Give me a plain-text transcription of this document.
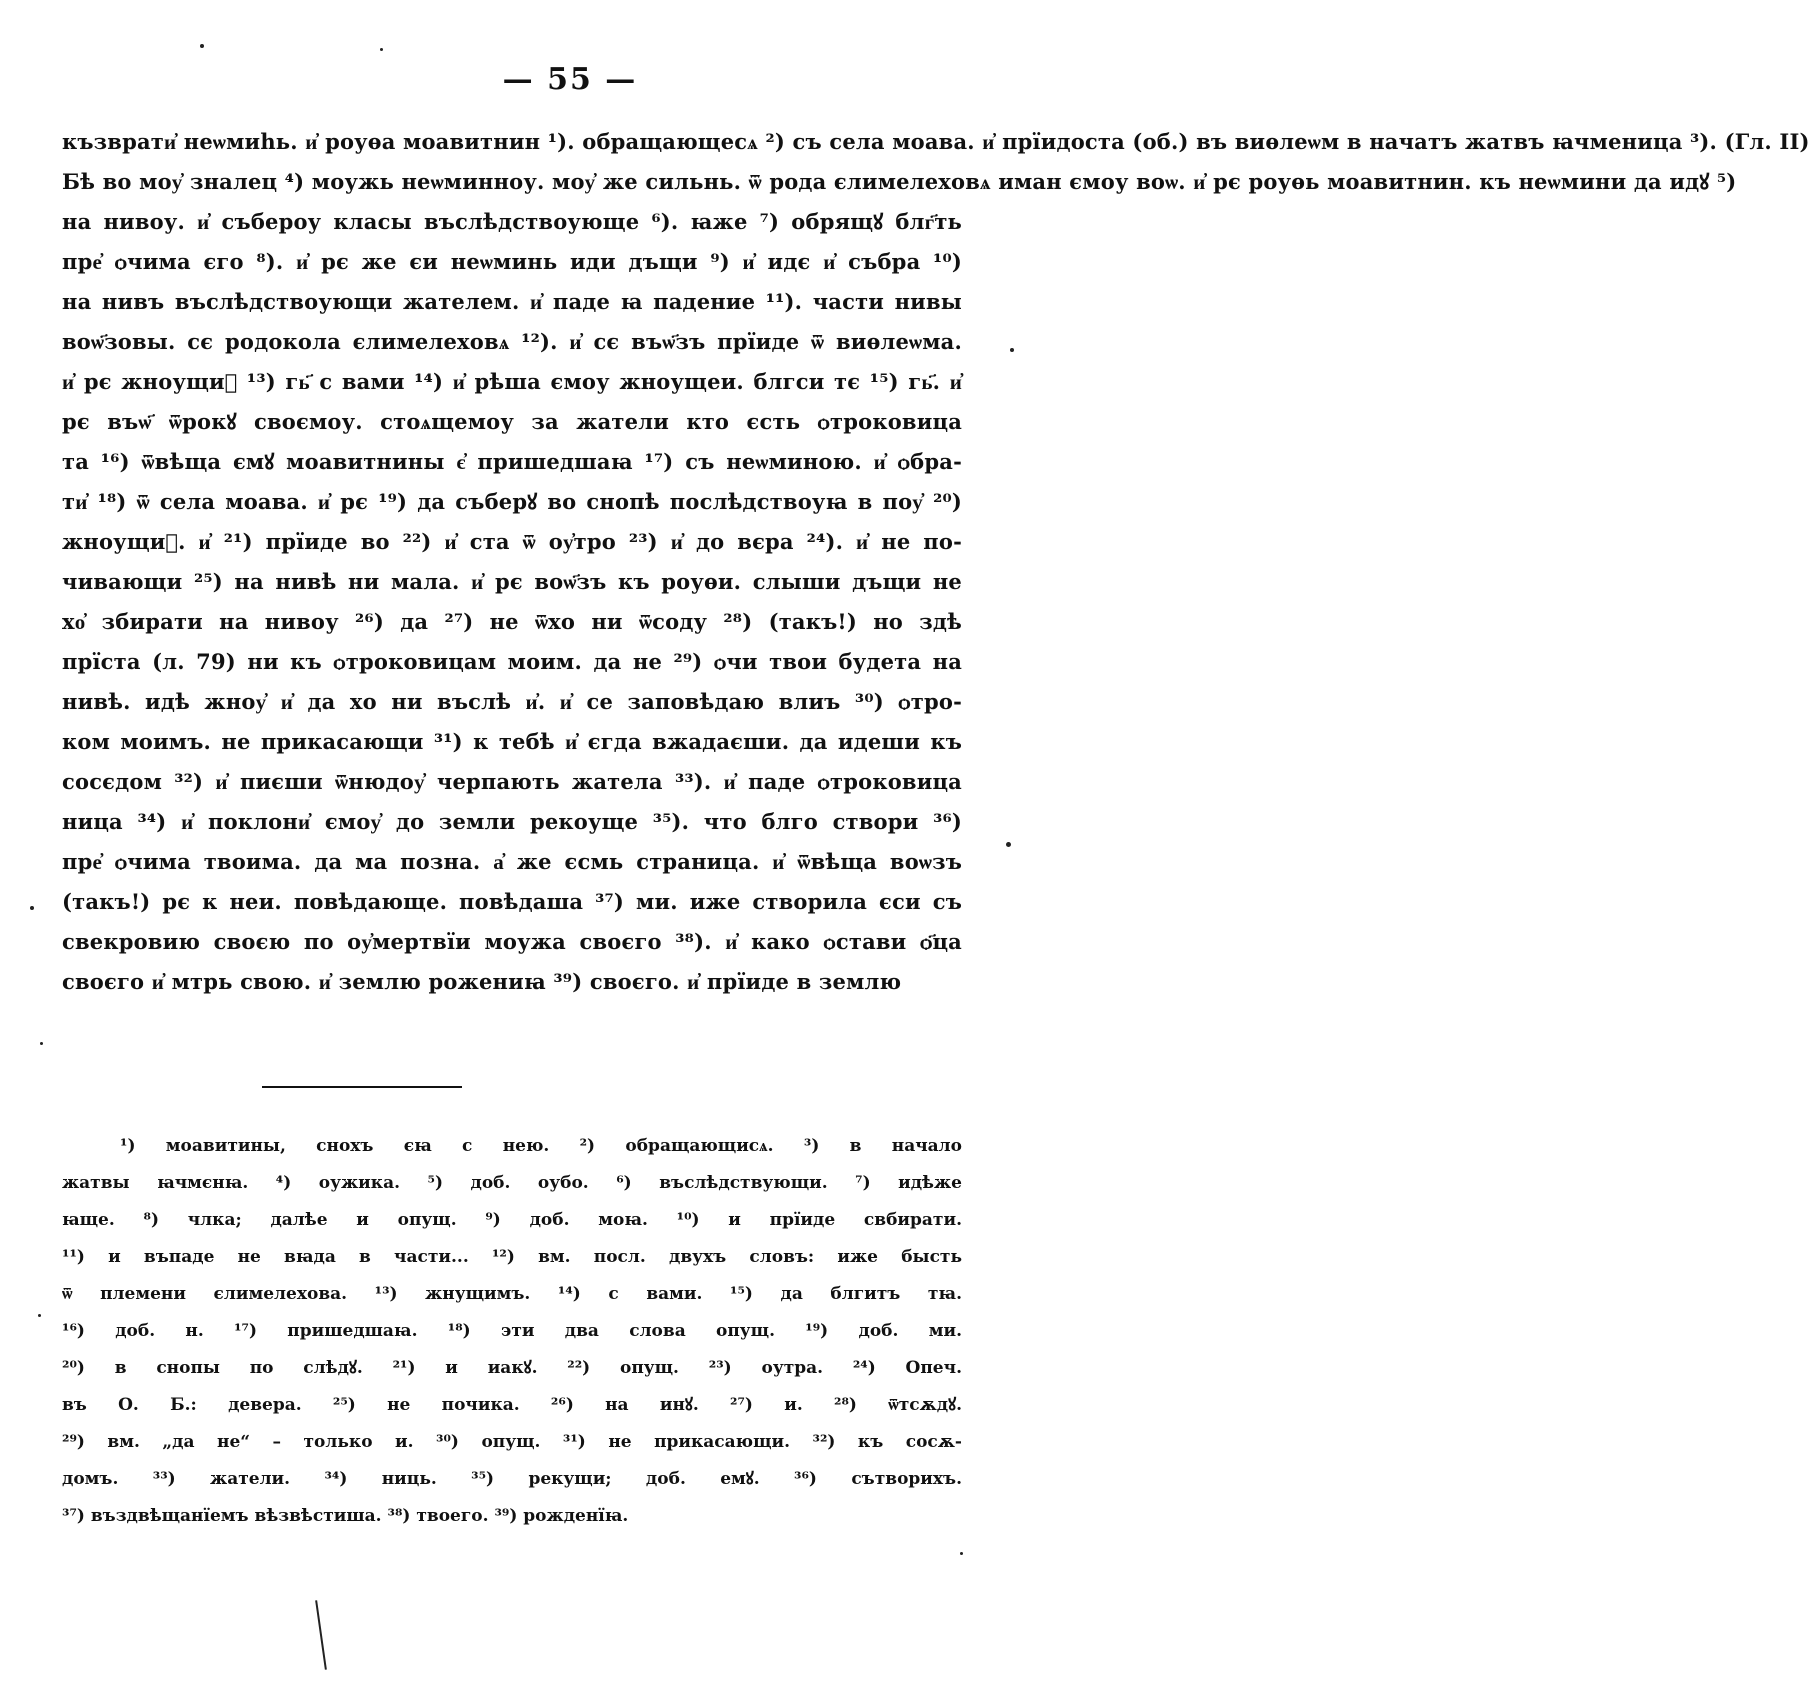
— 55 —
къзврати҆ неѡмиhь. и҆ роуѳа моавитнин ¹). обращающесѧ ²) съ села моава. и҆ прїидоста (об.) въ виѳлеѡм в начатъ жатвъ ꙗчменица ³). (Гл. II)
Бѣ во моу҆ зналец ⁴) моужь неѡминноу. моу҆ же сильнь. ѿ рода єлимелеховѧ иман ємоу воѡ. и҆ рє роуѳь моавитнин. къ неѡмини да идꙋ ⁵)
на нивоу. и҆ събероу класы въслѣдствоующе ⁶). ꙗже ⁷) обрящꙋ блг҃ть
пре҆ ѻчима єго ⁸). и҆ рє же єи неѡминь иди дъщи ⁹) и҆ идє и҆ събра ¹⁰)
на нивъ въслѣдствоующи жателем. и҆ паде ꙗ падение ¹¹). части нивы
воѡ҃зовы. сє родокола єлимелеховѧ ¹²). и҆ сє въѡ҃зъ прїиде ѿ виѳлеѡма.
и҆ рє жноущиⷨ ¹³) гь҃ с вами ¹⁴) и҆ рѣша ємоу жноущеи. блгси тє ¹⁵) гь҃. и҆
рє въѡ҃ ѿрокꙋ своємоу. стоѧщемоу за жатели кто єсть ѻтроковица
та ¹⁶) ѿвѣща ємꙋ моавитнины є҆ пришедшаꙗ ¹⁷) съ неѡминою. и҆ ѻбра-
ти҆ ¹⁸) ѿ села моава. и҆ рє ¹⁹) да съберꙋ во снопѣ послѣдствоуꙗ в поу҆ ²⁰)
жноущиⷯ. и҆ ²¹) прїиде во ²²) и҆ ста ѿ оу҆тро ²³) и҆ до вєра ²⁴). и҆ не по-
чивающи ²⁵) на нивѣ ни мала. и҆ рє воѡ҃зъ къ роуѳи. слыши дъщи не
хо҆ збирати на нивоу ²⁶) да ²⁷) не ѿхо ни ѿсоду ²⁸) (такъ!) но здѣ
прїста (л. 79) ни къ ѻтроковицам моим. да не ²⁹) ѻчи твои будета на
нивѣ. идѣ жноу҆ и҆ да хо ни въслѣ и҆. и҆ се заповѣдаю влиъ ³⁰) ѻтро-
ком моимъ. не прикасающи ³¹) к тебѣ и҆ єгда вжадаєши. да идеши къ
сосєдом ³²) и҆ пиєши ѿнюдоу҆ черпають жатела ³³). и҆ паде ѻтроковица
ница ³⁴) и҆ поклони҆ ємоу҆ до земли рекоуще ³⁵). что блго створи ³⁶)
пре҆ ѻчима твоима. да ма позна. а҆ же єсмь страница. и҆ ѿвѣща воѡзъ
(такъ!) рє к неи. повѣдающе. повѣдаша ³⁷) ми. иже створила єси съ
свекровию своєю по оу҆мертвїи моужа своєго ³⁸). и҆ како ѻстави ѻ҃ца
своєго и҆ мтрь свою. и҆ землю рожениꙗ ³⁹) своєго. и҆ прїиде в землю
¹) моавитины, снохъ єꙗ с нею. ²) обращающисѧ. ³) в начало
жатвы ꙗчмєнꙗ. ⁴) оужика. ⁵) доб. оубо. ⁶) въслѣдствующи. ⁷) идѣже
ꙗще. ⁸) члка; далѣе и опущ. ⁹) доб. моꙗ. ¹⁰) и прїиде свбирати.
¹¹) и въпаде не вꙗда в части... ¹²) вм. посл. двухъ словъ: иже бысть
ѿ племени єлимелехова. ¹³) жнущимъ. ¹⁴) с вами. ¹⁵) да блгитъ тꙗ.
¹⁶) доб. н. ¹⁷) пришедшаꙗ. ¹⁸) эти два слова опущ. ¹⁹) доб. ми.
²⁰) в снопы по слѣдꙋ. ²¹) и иакꙋ. ²²) опущ. ²³) оутра. ²⁴) Опеч.
въ О. Б.: девера. ²⁵) не почика. ²⁶) на инꙋ. ²⁷) и. ²⁸) ѿтсѫдꙋ.
²⁹) вм. „да не“ – только и. ³⁰) опущ. ³¹) не прикасающи. ³²) къ сосѫ-
домъ. ³³) жатели. ³⁴) ниць. ³⁵) рекущи; доб. емꙋ. ³⁶) сътворихъ.
³⁷) въздвѣщанїемъ вѣзвѣстиша. ³⁸) твоего. ³⁹) рожденїꙗ.
